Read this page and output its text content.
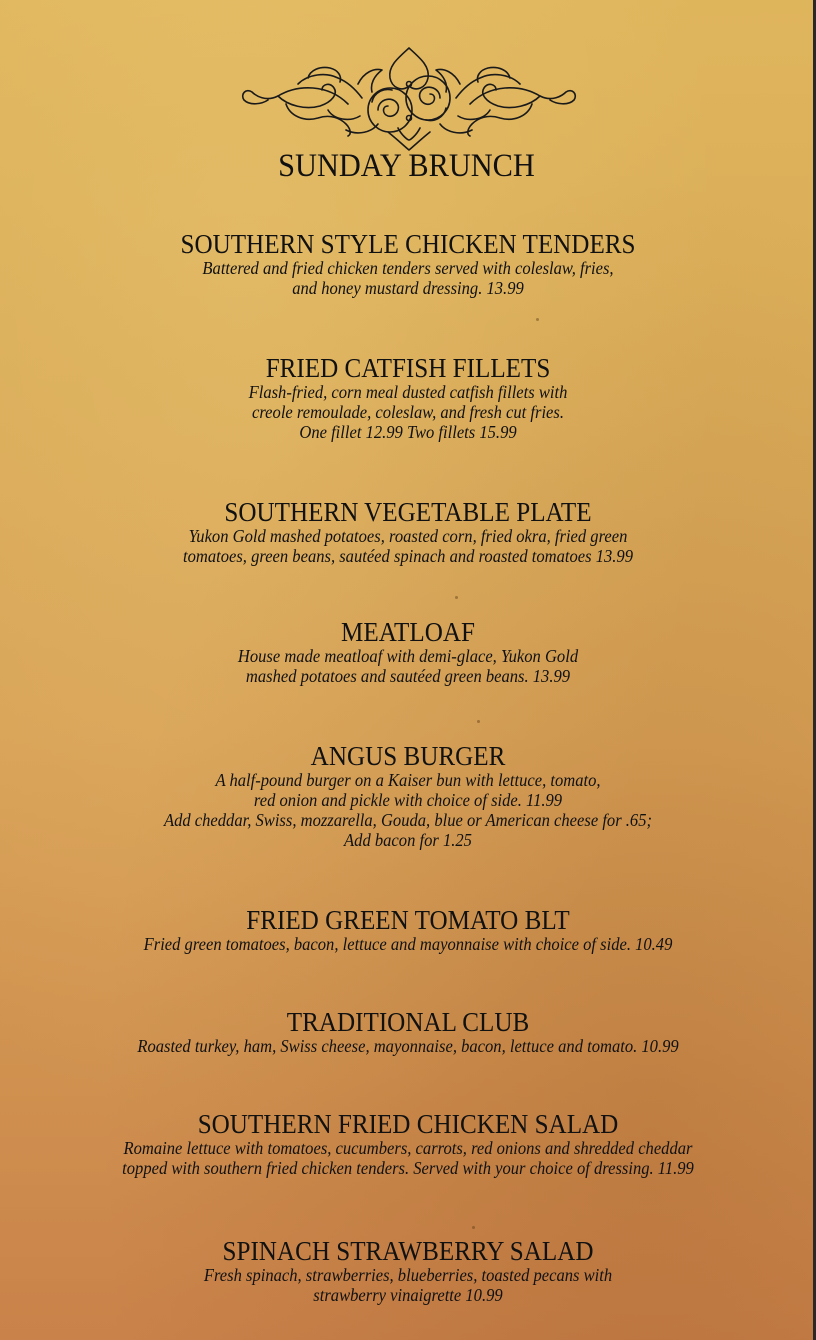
SUNDAY BRUNCH
SOUTHERN STYLE CHICKEN TENDERS
Battered and fried chicken tenders served with coleslaw, fries,
and honey mustard dressing. 13.99
FRIED CATFISH FILLETS
Flash-fried, corn meal dusted catfish fillets with
creole remoulade, coleslaw, and fresh cut fries.
One fillet 12.99 Two fillets 15.99
SOUTHERN VEGETABLE PLATE
Yukon Gold mashed potatoes, roasted corn, fried okra, fried green
tomatoes, green beans, sautéed spinach and roasted tomatoes 13.99
MEATLOAF
House made meatloaf with demi-glace, Yukon Gold
mashed potatoes and sautéed green beans. 13.99
ANGUS BURGER
A half-pound burger on a Kaiser bun with lettuce, tomato,
red onion and pickle with choice of side. 11.99
Add cheddar, Swiss, mozzarella, Gouda, blue or American cheese for .65;
Add bacon for 1.25
FRIED GREEN TOMATO BLT
Fried green tomatoes, bacon, lettuce and mayonnaise with choice of side. 10.49
TRADITIONAL CLUB
Roasted turkey, ham, Swiss cheese, mayonnaise, bacon, lettuce and tomato. 10.99
SOUTHERN FRIED CHICKEN SALAD
Romaine lettuce with tomatoes, cucumbers, carrots, red onions and shredded cheddar
topped with southern fried chicken tenders. Served with your choice of dressing. 11.99
SPINACH STRAWBERRY SALAD
Fresh spinach, strawberries, blueberries, toasted pecans with
strawberry vinaigrette 10.99
